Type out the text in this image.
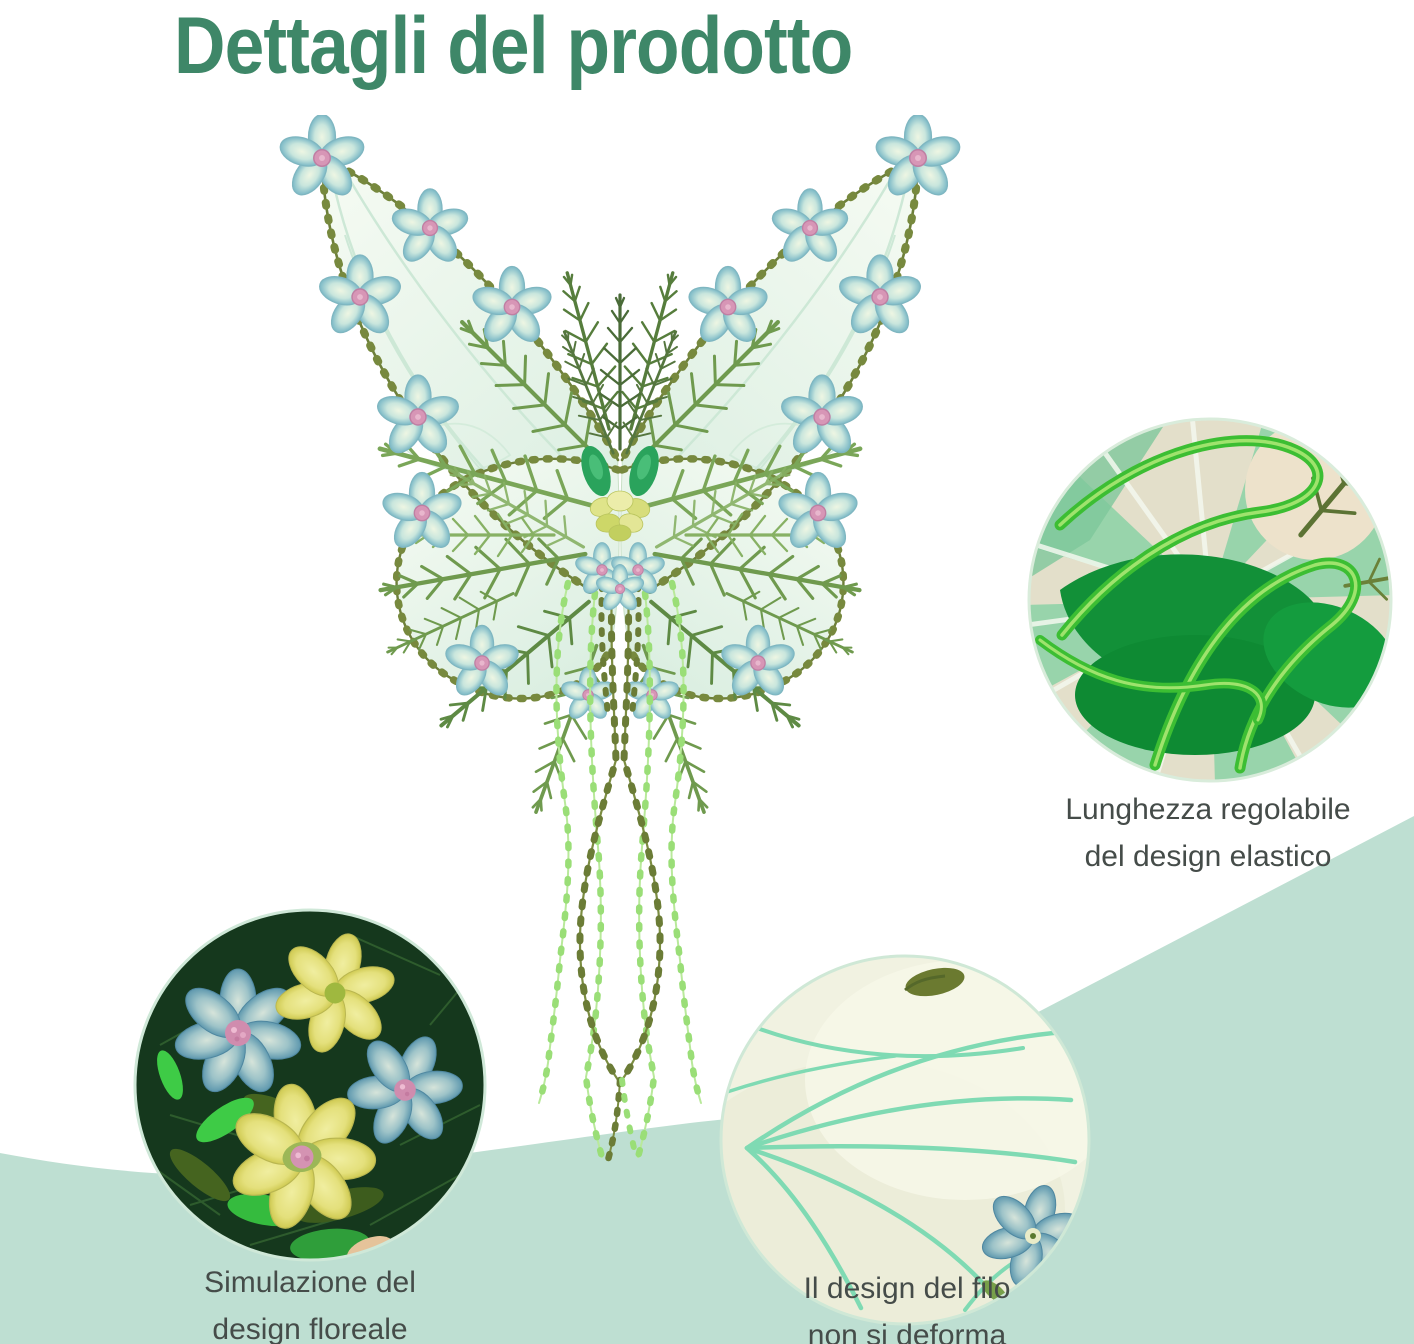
Dettagli del prodotto
Lunghezza regolabile
del design elastico
Simulazione del
design floreale
Il design del filo
non si deforma
